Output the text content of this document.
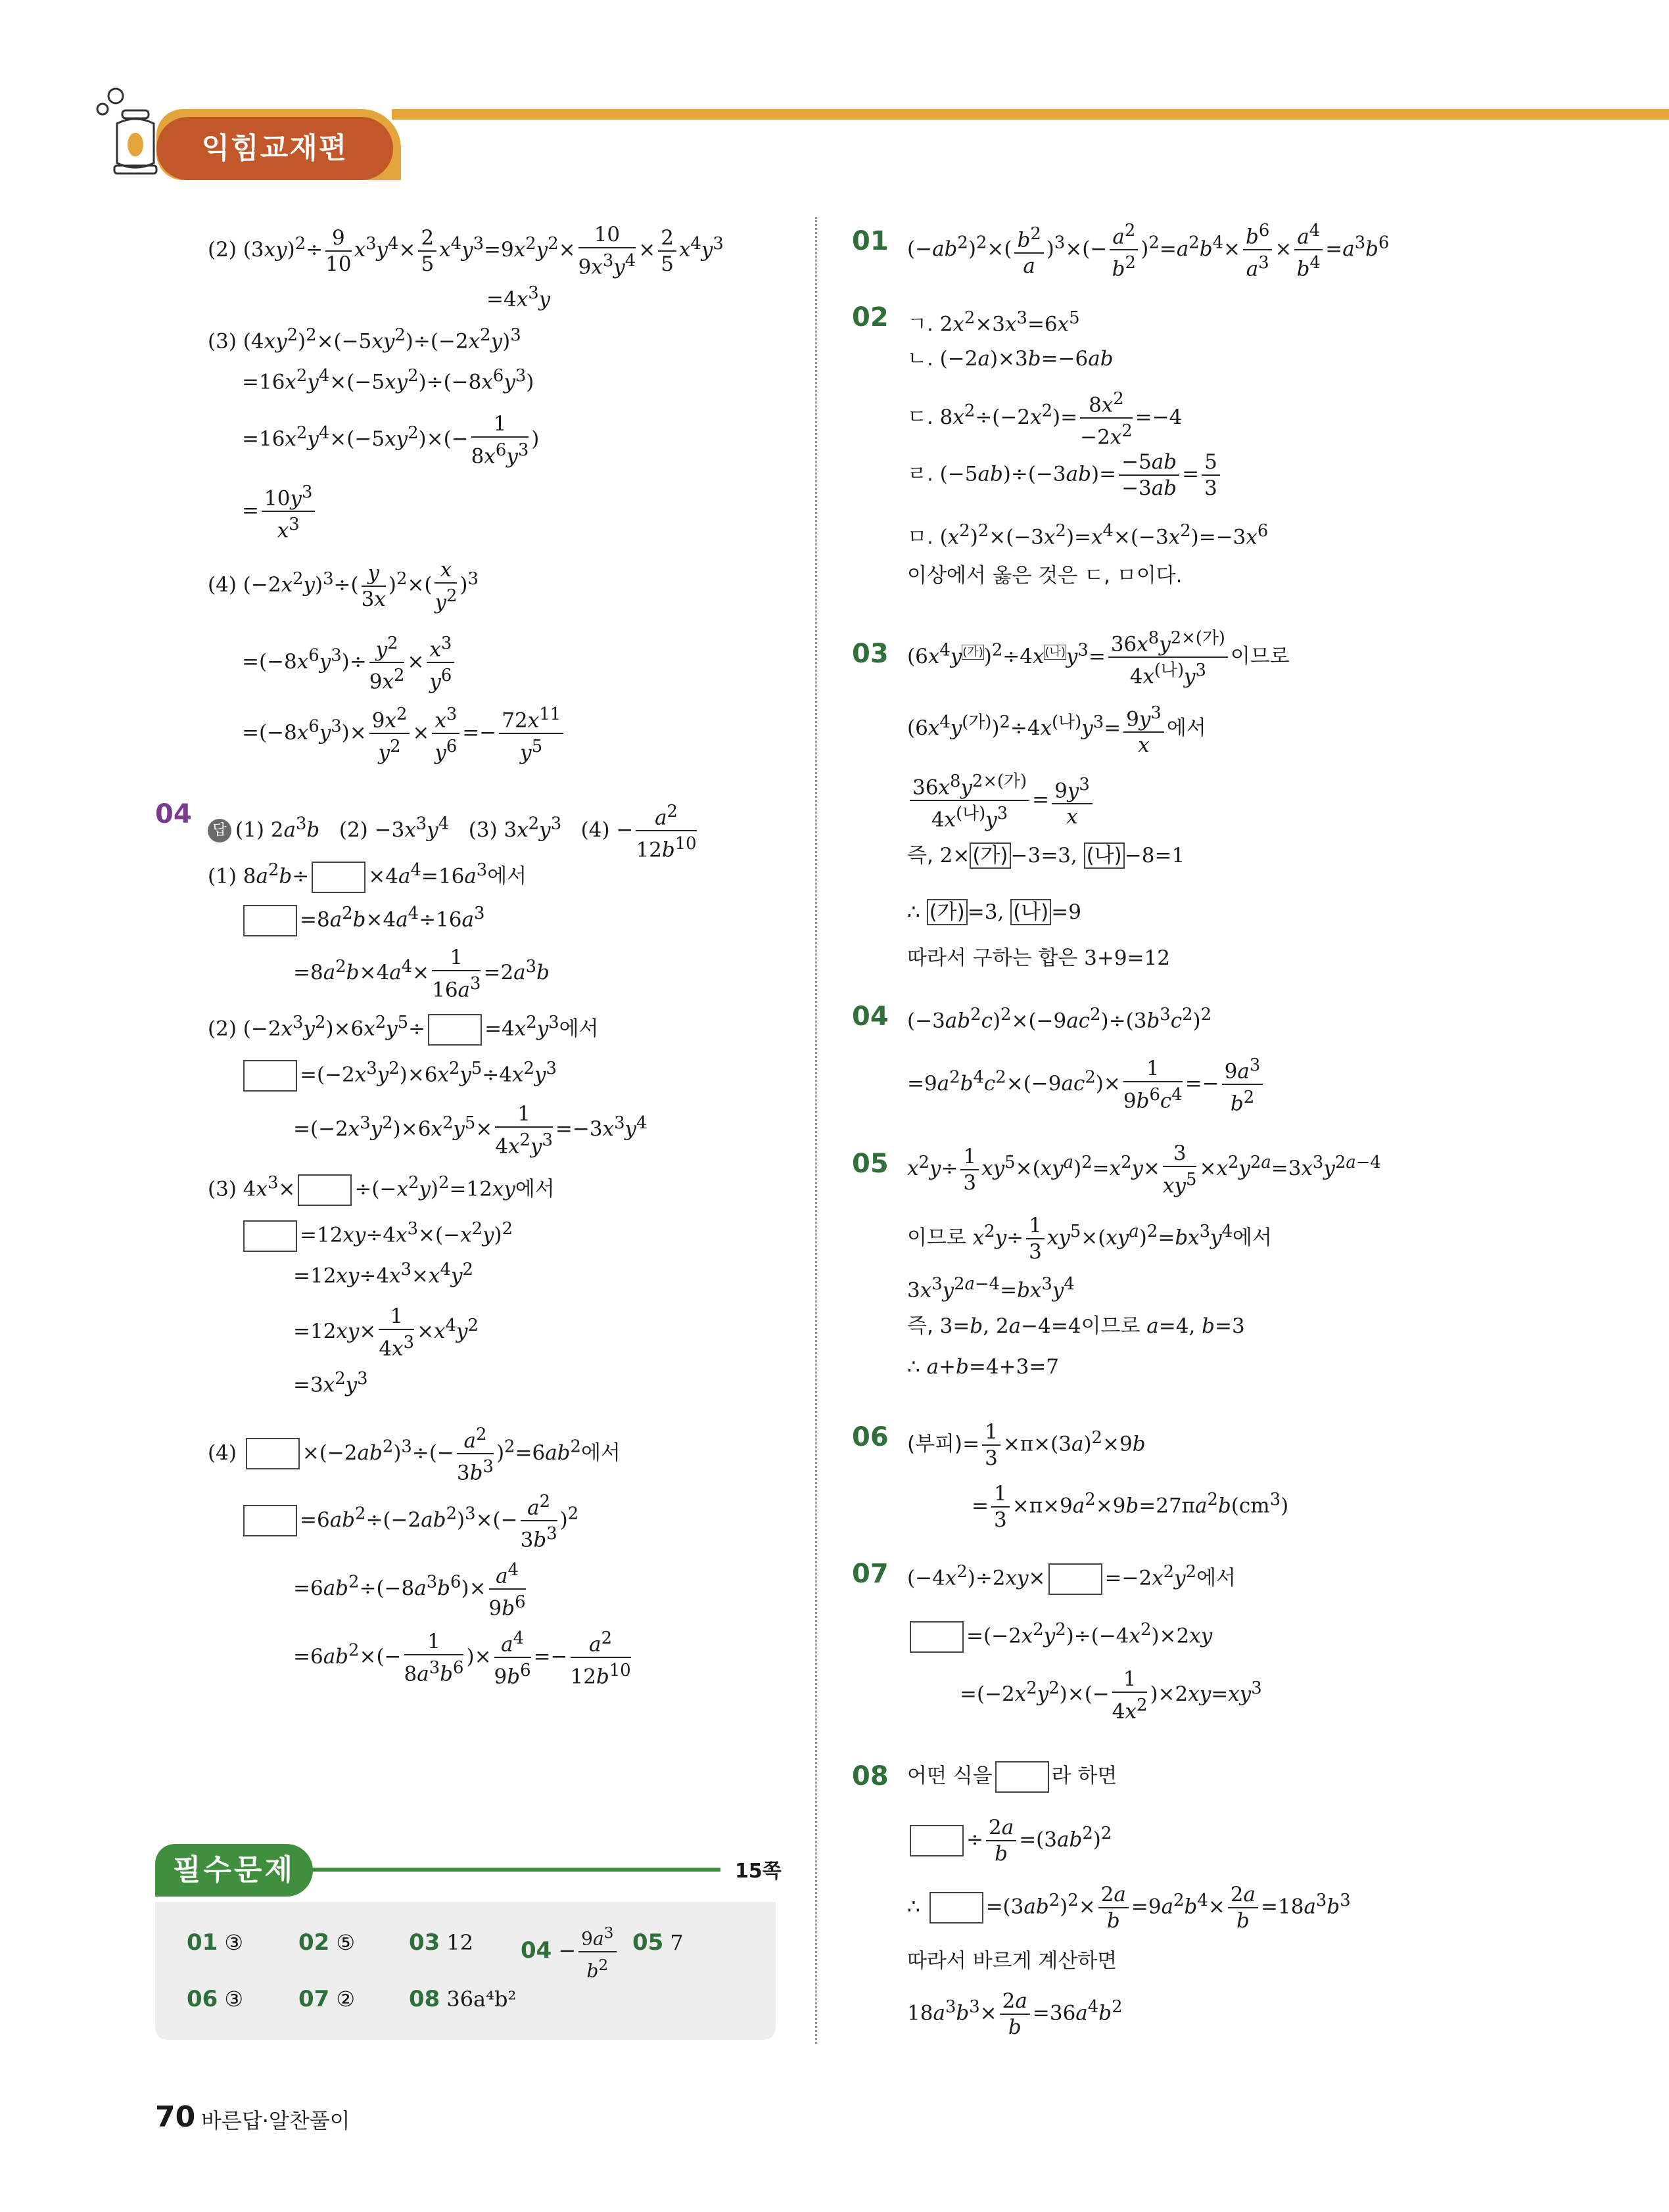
익힘교재편
(2) $(3xy)^2\div \frac{9}{10} x^3y^4\times \frac{2}{5} x^4y^3=9x^2y^2\times \frac{10}{9x^3y^4} \times \frac{2}{5} x^4y^3$
$=4x^3y$
(3) $(4xy^2)^2\times(-5xy^2)\div(-2x^2y)^3$
$=16x^2y^4\times(-5xy^2)\div(-8x^6y^3)$
$=16x^2y^4\times(-5xy^2)\times(- \frac{1}{8x^6y^3}$ )
= $\frac{10y^3}{x^3}$
(4) $(-2x^2y)^3\div( \frac{y}{3x} )^2\times( \frac{x}{y^2} )^3$
$=(-8x^6y^3)\div \frac{y^2}{9x^2} \times \frac{x^3}{y^6}$
$=(-8x^6y^3)\times \frac{9x^2}{y^2} \times \frac{x^3}{y^6} =- \frac{72x^{11}}{y^5}$
04
답 (1) $2a^3b$   $(2) -3x^3y^4$   (3) $3x^2y^3$   $(4) - \frac{a^2}{12b^{10}}$
(1) $8a^2b\div$	$\times 4a^4=16a^3$에서
$=8a^2b\times 4a^4\div 16a^3$
$=8a^2b\times 4a^4\times \frac{1}{16a^3} =2a^3b$
(2) $(-2x^3y^2)\times 6x^2y^5\div$	$=4x^2y^3$에서
$=(-2x^3y^2)\times 6x^2y^5\div 4x^2y^3$
$=(-2x^3y^2)\times 6x^2y^5\times \frac{1}{4x^2y^3} =-3x^3y^4$
(3) $4x^3\times$	$\div(-x^2y)^2=12xy$에서
$=12xy\div 4x^3\times(-x^2y)^2$
$=12xy\div 4x^3\times x^4y^2$
$=12xy\times \frac{1}{4x^3} \times x^4y^2$
$=3x^2y^3$
(4)	$\times(-2ab^2)^3\div(- \frac{a^2}{3b^3} )^2=6ab^2$에서
$=6ab^2\div(-2ab^2)^3\times(- \frac{a^2}{3b^3} )^2$
$=6ab^2\div(-8a^3b^6)\times \frac{a^4}{9b^6}$
$=6ab^2\times(- \frac{1}{8a^3b^6}$ )× $\frac{a^4}{9b^6} =- \frac{a^2}{12b^{10}}$
01 $(-ab^2)^2\times( \frac{b^2}{a} )^3\times(- \frac{a^2}{b^2} )^2=a^2b^4\times \frac{b^6}{a^3} \times \frac{a^4}{b^4} =a^3b^6$
02 ㄱ. $2x^2\times 3x^3=6x^5$
ㄴ. (−2a)×3b=−6ab
ㄷ. $8x^2\div(-2x^2)= \frac{8x^2}{-2x^2} =-4$
ㄹ. $(-5ab)\div(-3ab)= \frac{-5ab}{-3ab} = \frac{5}{3}$
ㅁ. $(x^2)^2\times(-3x^2)=x^4\times(-3x^2)=-3x^6$
이상에서 옳은 것은 ㄷ, ㅁ이다.
03 $(6x^4y^{(가)})^2\div 4x^{(나)}y^3= \frac{36x^8y^{2\times(가)}}{4x^{(나)}y^3}$ 이므로
$(6x^4y^{(가)})^2\div 4x^{(나)}y^3= \frac{9y^3}{x}$ 에서
$\frac{36x^8y^{2\times(가)}}{4x^{(나)}y^3} = \frac{9y^3}{x}$
즉, 2× (가) −3=3, (나) −8=1
∴ (가) =3, (나) =9
따라서 구하는 합은 3+9=12
04 $(-3ab^2c)^2\times(-9ac^2)\div(3b^3c^2)^2$
$=9a^2b^4c^2\times(-9ac^2)\times \frac{1}{9b^6c^4} =- \frac{9a^3}{b^2}$
05 $x^2y\div \frac{1}{3} xy^5\times(xy^a)^2=x^2y\times \frac{3}{xy^5} \times x^2y^{2a}=3x^3y^{2a-4}$
이므로 $x^2y\div \frac{1}{3} xy^5\times(xy^a)^2=bx^3y^4$에서
$3x^3y^{2a-4}=bx^3y^4$
즉, 3=b, 2a−4=4이므로 a=4, b=3
∴ a+b=4+3=7
06 (부피)= $\frac{1}{3} \times\pi\times(3a)^2\times 9b$
= $\frac{1}{3} \times\pi\times 9a^2\times 9b=27\pi a^2b(cm^3)$
07 $(-4x^2)\div 2xy\times$	$=-2x^2y^2$에서
$=(-2x^2y^2)\div(-4x^2)\times 2xy$
$=(-2x^2y^2)\times(- \frac{1}{4x^2} )\times 2xy=xy^3$
08 어떤 식을	라 하면
÷ $\frac{2a}{b} =(3ab^2)^2$
∴	$=(3ab^2)^2\times \frac{2a}{b} =9a^2b^4\times \frac{2a}{b} =18a^3b^3$
따라서 바르게 계산하면
$18a^3b^3\times \frac{2a}{b} =36a^4b^2$
필수문제	15쪽
01 ③ 02 ⑤ 03 12 $04 - \frac{9a^3}{b^2} 05$ 7
06 ③ 07 ② 08 36a⁴b²
70 바른답·알찬풀이
